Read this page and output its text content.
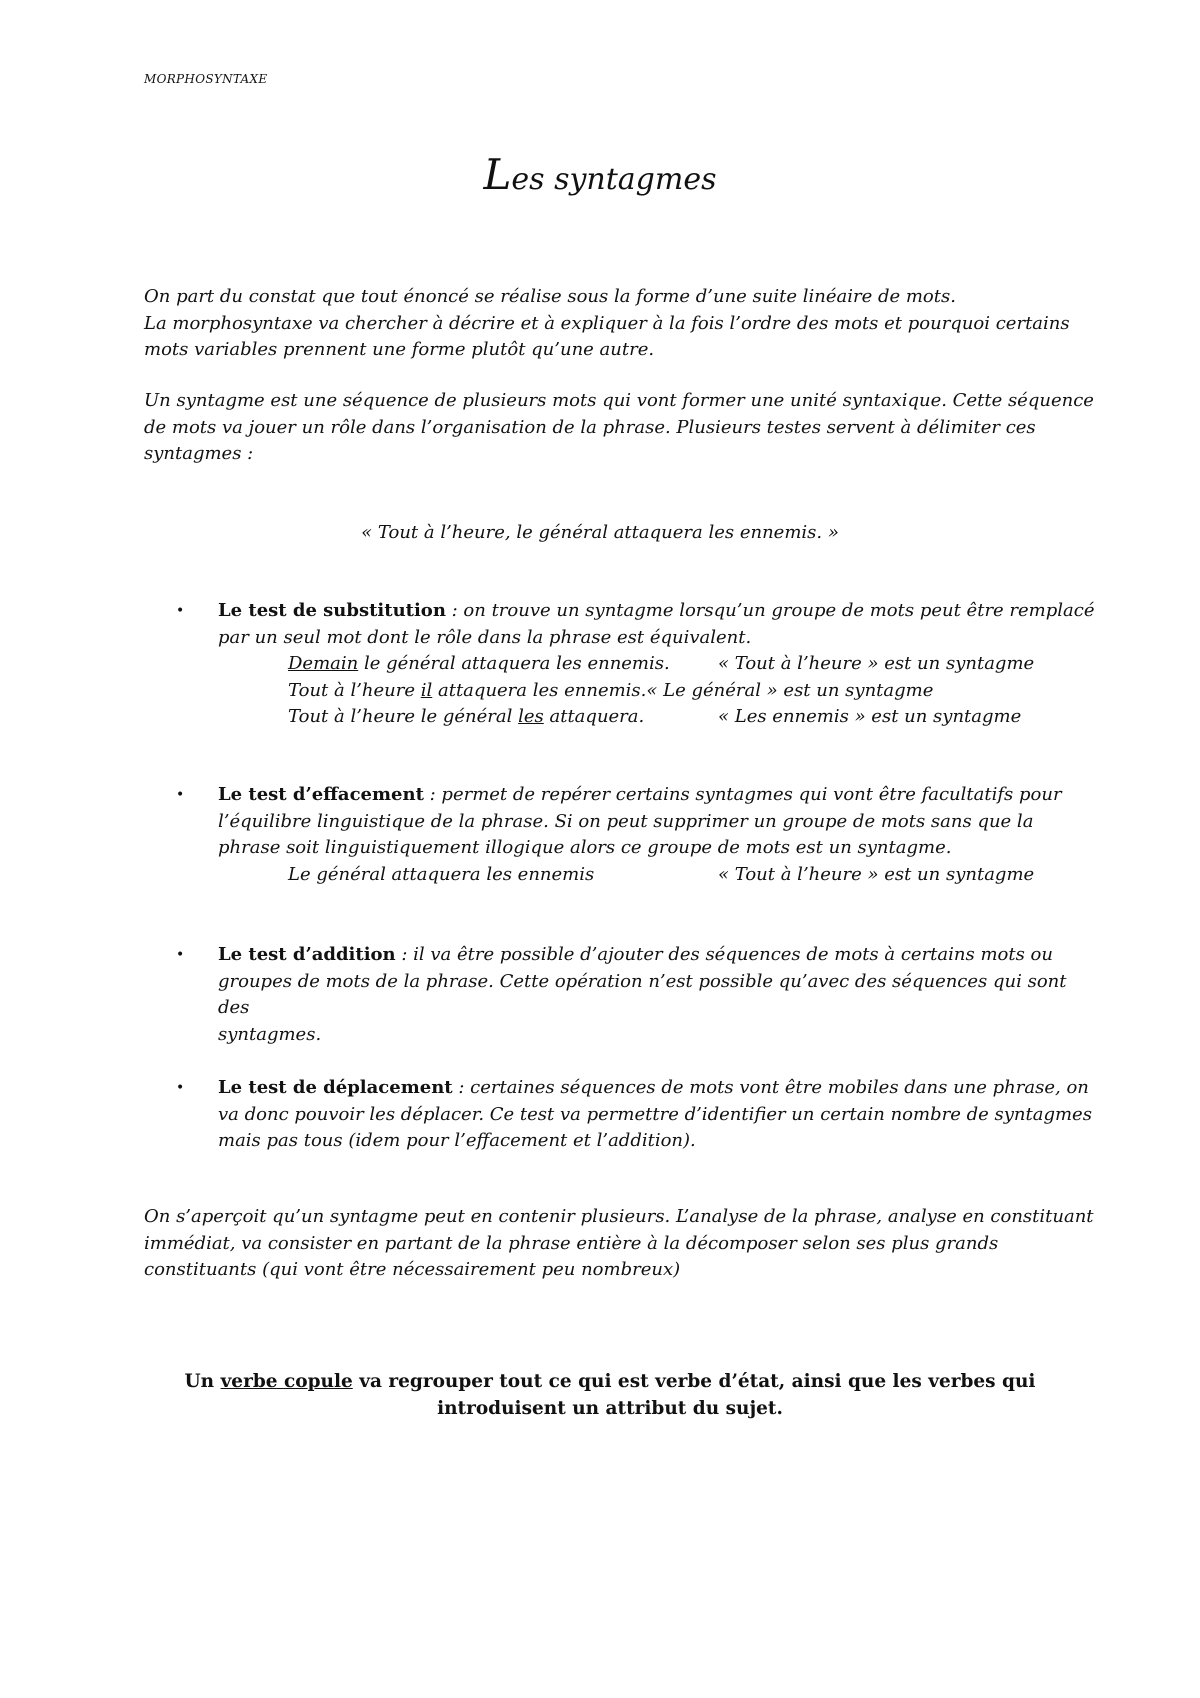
MORPHOSYNTAXE
Les syntagmes

On part du constat que tout énoncé se réalise sous la forme d’une suite linéaire de mots.
La morphosyntaxe va chercher à décrire et à expliquer à la fois l’ordre des mots et pourquoi certains
mots variables prennent une forme plutôt qu’une autre.

Un syntagme est une séquence de plusieurs mots qui vont former une unité syntaxique. Cette séquence
de mots va jouer un rôle dans l’organisation de la phrase. Plusieurs testes servent à délimiter ces
syntagmes :

« Tout à l’heure, le général attaquera les ennemis. »
• Le test de substitution : on trouve un syntagme lorsqu’un groupe de mots peut être remplacé
par un seul mot dont le rôle dans la phrase est équivalent.
Demain le général attaquera les ennemis.	« Tout à l’heure » est un syntagme
Tout à l’heure il attaquera les ennemis.« Le général » est un syntagme
Tout à l’heure le général les attaquera.	« Les ennemis » est un syntagme
• Le test d’effacement : permet de repérer certains syntagmes qui vont être facultatifs pour
l’équilibre linguistique de la phrase. Si on peut supprimer un groupe de mots sans que la
phrase soit linguistiquement illogique alors ce groupe de mots est un syntagme.
Le général attaquera les ennemis	« Tout à l’heure » est un syntagme
• Le test d’addition : il va être possible d’ajouter des séquences de mots à certains mots ou
groupes de mots de la phrase. Cette opération n’est possible qu’avec des séquences qui sont des
syntagmes.
• Le test de déplacement : certaines séquences de mots vont être mobiles dans une phrase, on
va donc pouvoir les déplacer. Ce test va permettre d’identifier un certain nombre de syntagmes
mais pas tous (idem pour l’effacement et l’addition).

On s’aperçoit qu’un syntagme peut en contenir plusieurs. L’analyse de la phrase, analyse en constituant
immédiat, va consister en partant de la phrase entière à la décomposer selon ses plus grands
constituants (qui vont être nécessairement peu nombreux)

Un verbe copule va regrouper tout ce qui est verbe d’état, ainsi que les verbes qui
introduisent un attribut du sujet.
